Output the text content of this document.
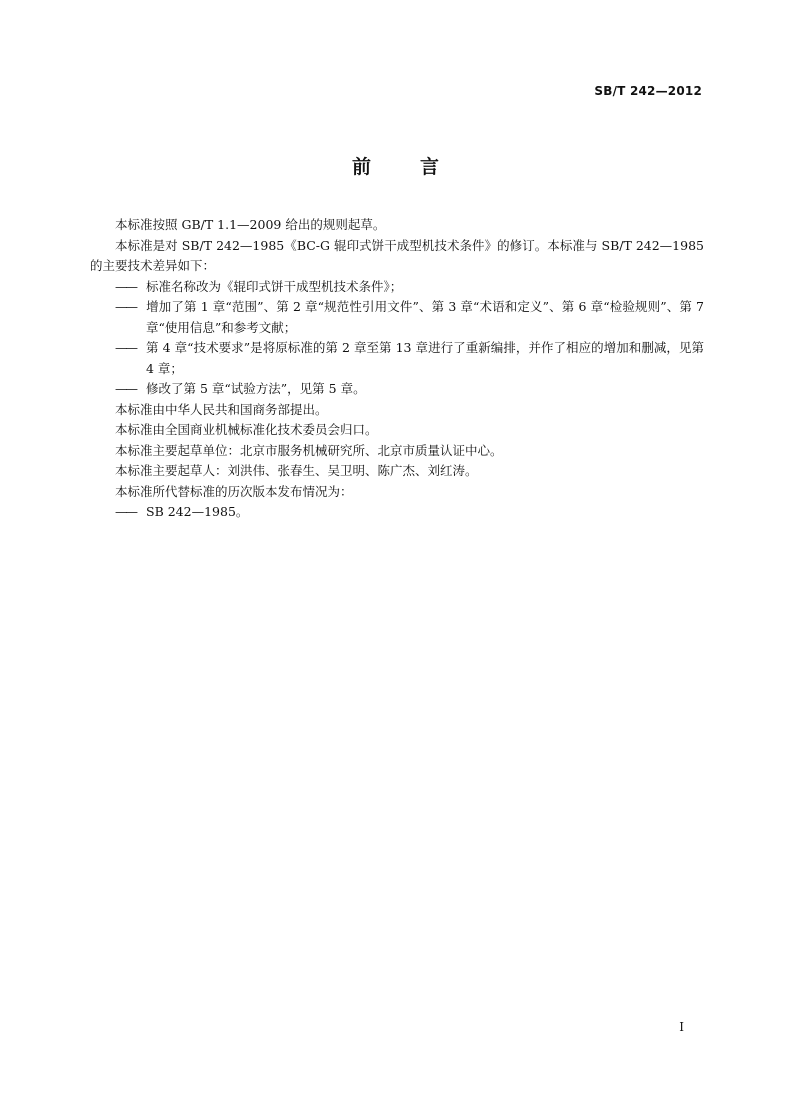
SB/T 242—2012
前	言

本标准按照 GB/T 1.1—2009 给出的规则起草。

本标准是对 SB/T 242—1985《BC-G 辊印式饼干成型机技术条件》的修订。本标准与 SB/T 242—1985 的主要技术差异如下：

—— 标准名称改为《辊印式饼干成型机技术条件》；

—— 增加了第 1 章“范围”、第 2 章“规范性引用文件”、第 3 章“术语和定义”、第 6 章“检验规则”、第 7 章“使用信息”和参考文献；

—— 第 4 章“技术要求”是将原标准的第 2 章至第 13 章进行了重新编排，并作了相应的增加和删减，见第 4 章；

—— 修改了第 5 章“试验方法”，见第 5 章。

本标准由中华人民共和国商务部提出。

本标准由全国商业机械标准化技术委员会归口。

本标准主要起草单位：北京市服务机械研究所、北京市质量认证中心。

本标准主要起草人：刘洪伟、张春生、吴卫明、陈广杰、刘红涛。

本标准所代替标准的历次版本发布情况为：

—— SB 242—1985。

I
